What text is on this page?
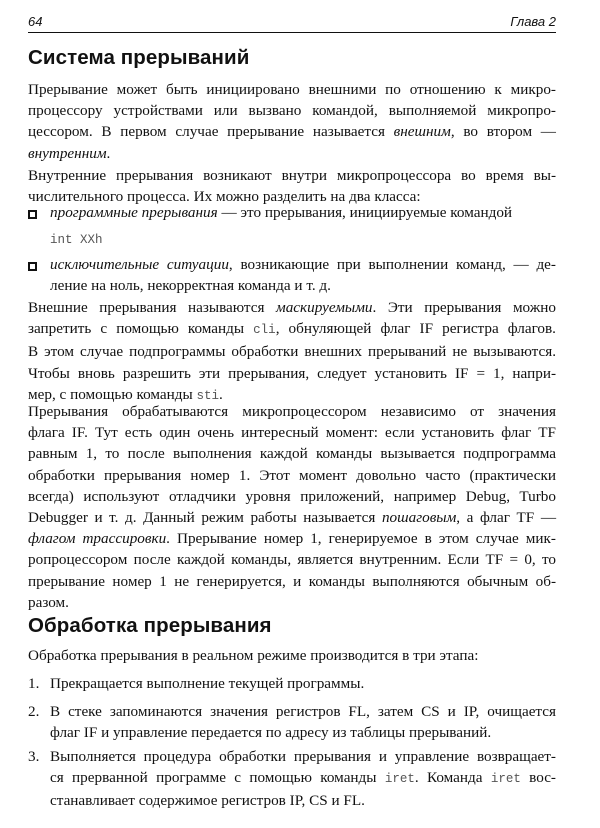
64	Глава 2
Система прерываний
Прерывание может быть инициировано внешними по отношению к микро-
процессору устройствами или вызвано командой, выполняемой микропро-
цессором. В первом случае прерывание называется внешним, во втором —
внутренним.
Внутренние прерывания возникают внутри микропроцессора во время вы-
числительного процесса. Их можно разделить на два класса:
программные прерывания — это прерывания, инициируемые командой
int XXh
исключительные ситуации, возникающие при выполнении команд, — де-
ление на ноль, некорректная команда и т. д.
Внешние прерывания называются маскируемыми. Эти прерывания можно
запретить с помощью команды cli, обнуляющей флаг IF регистра флагов.
В этом случае подпрограммы обработки внешних прерываний не вызываются.
Чтобы вновь разрешить эти прерывания, следует установить IF = 1, напри-
мер, с помощью команды sti.
Прерывания обрабатываются микропроцессором независимо от значения
флага IF. Тут есть один очень интересный момент: если установить флаг TF
равным 1, то после выполнения каждой команды вызывается подпрограмма
обработки прерывания номер 1. Этот момент довольно часто (практически
всегда) используют отладчики уровня приложений, например Debug, Turbo
Debugger и т. д. Данный режим работы называется пошаговым, а флаг TF —
флагом трассировки. Прерывание номер 1, генерируемое в этом случае мик-
ропроцессором после каждой команды, является внутренним. Если TF = 0, то
прерывание номер 1 не генерируется, и команды выполняются обычным об-
разом.
Обработка прерывания
Обработка прерывания в реальном режиме производится в три этапа:
1. Прекращается выполнение текущей программы.
2. В стеке запоминаются значения регистров FL, затем CS и IP, очищается
флаг IF и управление передается по адресу из таблицы прерываний.
3. Выполняется процедура обработки прерывания и управление возвращает-
ся прерванной программе с помощью команды iret. Команда iret вос-
станавливает содержимое регистров IP, CS и FL.
